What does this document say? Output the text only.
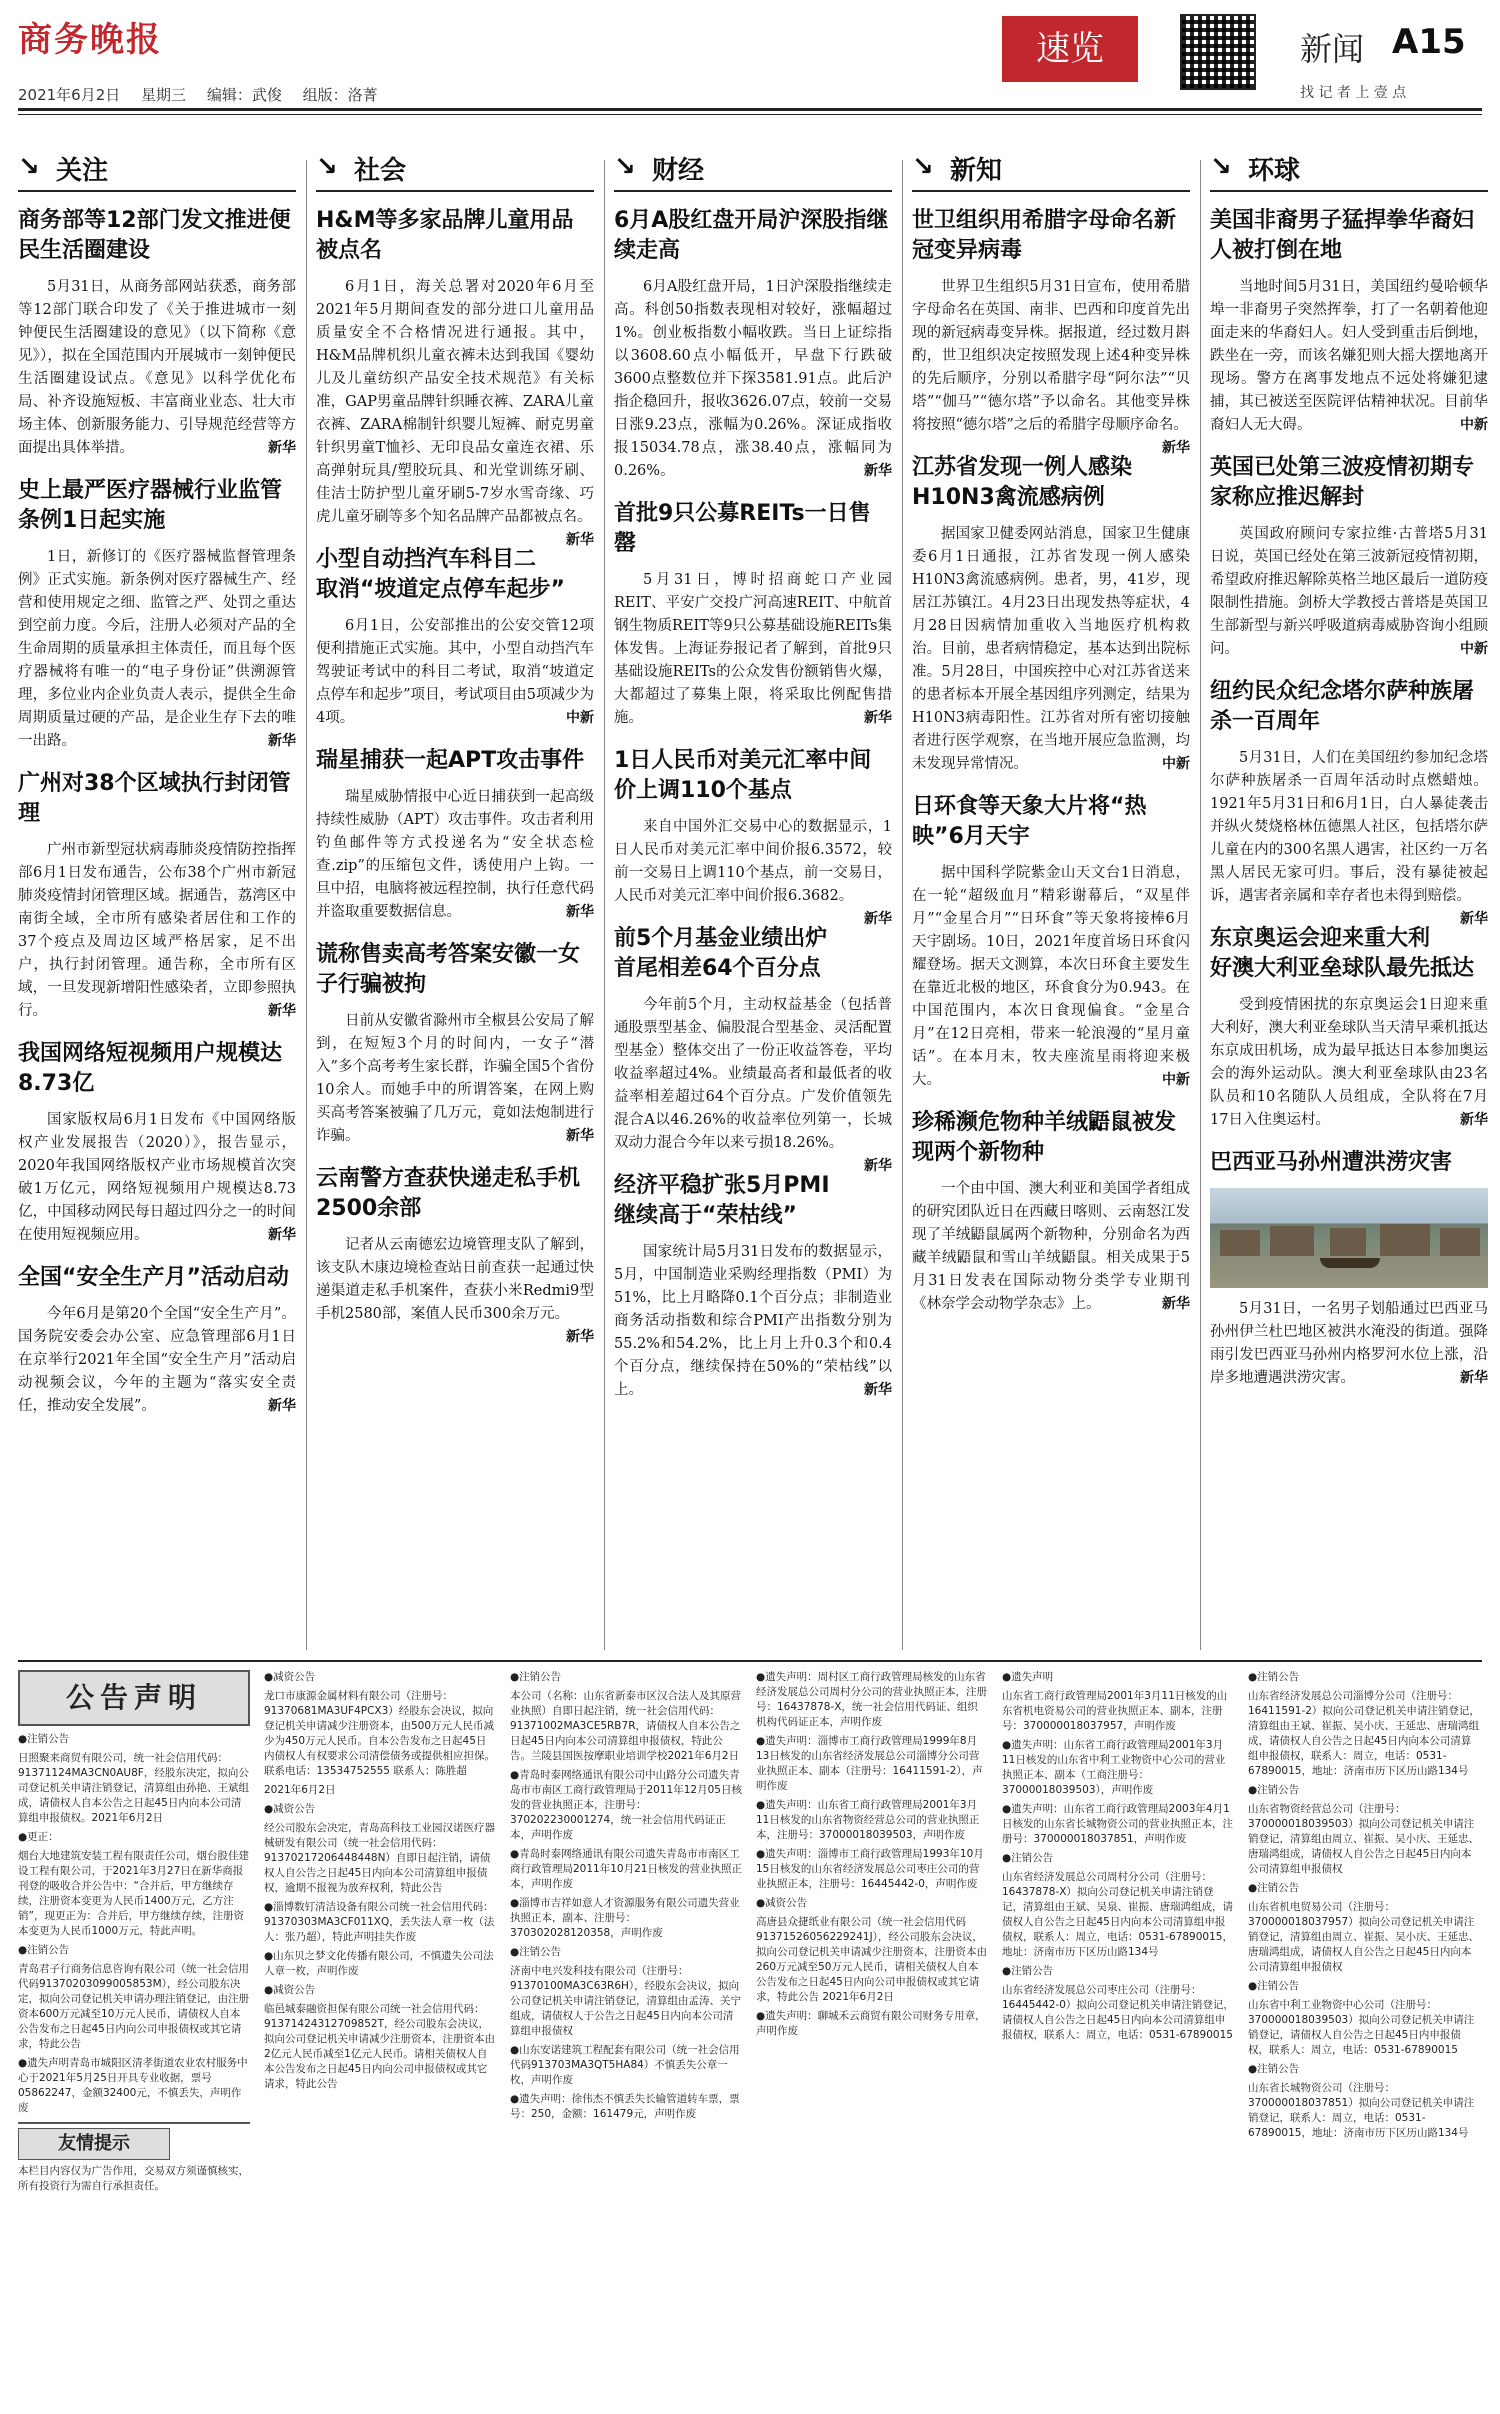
商务晚报
2021年6月2日 星期三 编辑：武俊 组版：洛菁
速览	新闻 A15
找 记 者 上 壹 点
↘ 关注
商务部等12部门发文推进便民生活圈建设

5月31日，从商务部网站获悉，商务部等12部门联合印发了《关于推进城市一刻钟便民生活圈建设的意见》（以下简称《意见》），拟在全国范围内开展城市一刻钟便民生活圈建设试点。《意见》以科学优化布局、补齐设施短板、丰富商业业态、壮大市场主体、创新服务能力、引导规范经营等方面提出具体举措。	新华

史上最严医疗器械行业监管条例1日起实施

1日，新修订的《医疗器械监督管理条例》正式实施。新条例对医疗器械生产、经营和使用规定之细、监管之严、处罚之重达到空前力度。今后，注册人必须对产品的全生命周期的质量承担主体责任，而且每个医疗器械将有唯一的“电子身份证”供溯源管理，多位业内企业负责人表示，提供全生命周期质量过硬的产品，是企业生存下去的唯一出路。	新华

广州对38个区域执行封闭管理

广州市新型冠状病毒肺炎疫情防控指挥部6月1日发布通告，公布38个广州市新冠肺炎疫情封闭管理区域。据通告，荔湾区中南街全域，全市所有感染者居住和工作的37个疫点及周边区域严格居家，足不出户，执行封闭管理。通告称，全市所有区域，一旦发现新增阳性感染者，立即参照执行。	新华

我国网络短视频用户规模达8.73亿

国家版权局6月1日发布《中国网络版权产业发展报告（2020）》，报告显示，2020年我国网络版权产业市场规模首次突破1万亿元，网络短视频用户规模达8.73亿，中国移动网民每日超过四分之一的时间在使用短视频应用。	新华

全国“安全生产月”活动启动

今年6月是第20个全国“安全生产月”。国务院安委会办公室、应急管理部6月1日在京举行2021年全国“安全生产月”活动启动视频会议，今年的主题为“落实安全责任，推动安全发展”。	新华

↘ 社会
H&M等多家品牌儿童用品被点名

6月1日，海关总署对2020年6月至2021年5月期间查发的部分进口儿童用品质量安全不合格情况进行通报。其中，H&M品牌机织儿童衣裤未达到我国《婴幼儿及儿童纺织产品安全技术规范》有关标准，GAP男童品牌针织睡衣裤、ZARA儿童衣裤、ZARA棉制针织婴儿短裤、耐克男童针织男童T恤衫、无印良品女童连衣裙、乐高弹射玩具/塑胶玩具、和光堂训练牙刷、佳洁士防护型儿童牙刷5-7岁水雪奇缘、巧虎儿童牙刷等多个知名品牌产品都被点名。
新华

小型自动挡汽车科目二取消“坡道定点停车起步”

6月1日，公安部推出的公安交管12项便利措施正式实施。其中，小型自动挡汽车驾驶证考试中的科目二考试，取消“坡道定点停车和起步”项目，考试项目由5项减少为4项。	中新

瑞星捕获一起APT攻击事件

瑞星威胁情报中心近日捕获到一起高级持续性威胁（APT）攻击事件。攻击者利用钓鱼邮件等方式投递名为“安全状态检查.zip”的压缩包文件，诱使用户上钩。一旦中招，电脑将被远程控制，执行任意代码并盗取重要数据信息。	新华

谎称售卖高考答案安徽一女子行骗被拘

日前从安徽省滁州市全椒县公安局了解到，在短短3个月的时间内，一女子“潜入”多个高考考生家长群，诈骗全国5个省份10余人。而她手中的所谓答案，在网上购买高考答案被骗了几万元，竟如法炮制进行诈骗。	新华

云南警方查获快递走私手机2500余部

记者从云南德宏边境管理支队了解到，该支队木康边境检查站日前查获一起通过快递渠道走私手机案件，查获小米Redmi9型手机2580部，案值人民币300余万元。
新华

↘ 财经
6月A股红盘开局沪深股指继续走高

6月A股红盘开局，1日沪深股指继续走高。科创50指数表现相对较好，涨幅超过1%。创业板指数小幅收跌。当日上证综指以3608.60点小幅低开，早盘下行跌破3600点整数位并下探3581.91点。此后沪指企稳回升，报收3626.07点，较前一交易日涨9.23点，涨幅为0.26%。深证成指收报15034.78点，涨38.40点，涨幅同为0.26%。	新华

首批9只公募REITs一日售罄

5月31日，博时招商蛇口产业园REIT、平安广交投广河高速REIT、中航首钢生物质REIT等9只公募基础设施REITs集体发售。上海证券报记者了解到，首批9只基础设施REITs的公众发售份额销售火爆，大都超过了募集上限，将采取比例配售措施。	新华

1日人民币对美元汇率中间价上调110个基点

来自中国外汇交易中心的数据显示，1日人民币对美元汇率中间价报6.3572，较前一交易日上调110个基点，前一交易日，人民币对美元汇率中间价报6.3682。
新华

前5个月基金业绩出炉首尾相差64个百分点

今年前5个月，主动权益基金（包括普通股票型基金、偏股混合型基金、灵活配置型基金）整体交出了一份正收益答卷，平均收益率超过4%。业绩最高者和最低者的收益率相差超过64个百分点。广发价值领先混合A以46.26%的收益率位列第一，长城双动力混合今年以来亏损18.26%。
新华

经济平稳扩张5月PMI继续高于“荣枯线”

国家统计局5月31日发布的数据显示，5月，中国制造业采购经理指数（PMI）为51%，比上月略降0.1个百分点；非制造业商务活动指数和综合PMI产出指数分别为55.2%和54.2%，比上月上升0.3个和0.4个百分点，继续保持在50%的“荣枯线”以上。	新华

↘ 新知
世卫组织用希腊字母命名新冠变异病毒

世界卫生组织5月31日宣布，使用希腊字母命名在英国、南非、巴西和印度首先出现的新冠病毒变异株。据报道，经过数月斟酌，世卫组织决定按照发现上述4种变异株的先后顺序，分别以希腊字母“阿尔法”“贝塔”“伽马”“德尔塔”予以命名。其他变异株将按照“德尔塔”之后的希腊字母顺序命名。
新华

江苏省发现一例人感染H10N3禽流感病例

据国家卫健委网站消息，国家卫生健康委6月1日通报，江苏省发现一例人感染H10N3禽流感病例。患者，男，41岁，现居江苏镇江。4月23日出现发热等症状，4月28日因病情加重收入当地医疗机构救治。目前，患者病情稳定，基本达到出院标准。5月28日，中国疾控中心对江苏省送来的患者标本开展全基因组序列测定，结果为H10N3病毒阳性。江苏省对所有密切接触者进行医学观察，在当地开展应急监测，均未发现异常情况。	中新

日环食等天象大片将“热映”6月天宇

据中国科学院紫金山天文台1日消息，在一轮“超级血月”精彩谢幕后，“双星伴月”“金星合月”“日环食”等天象将接棒6月天宇剧场。10日，2021年度首场日环食闪耀登场。据天文测算，本次日环食主要发生在靠近北极的地区，环食食分为0.943。在中国范围内，本次日食现偏食。“金星合月”在12日亮相，带来一轮浪漫的“星月童话”。在本月末，牧夫座流星雨将迎来极大。	中新

珍稀濒危物种羊绒鼯鼠被发现两个新物种

一个由中国、澳大利亚和美国学者组成的研究团队近日在西藏日喀则、云南怒江发现了羊绒鼯鼠属两个新物种，分别命名为西藏羊绒鼯鼠和雪山羊绒鼯鼠。相关成果于5月31日发表在国际动物分类学专业期刊《林奈学会动物学杂志》上。	新华

↘ 环球
美国非裔男子猛捍拳华裔妇人被打倒在地

当地时间5月31日，美国纽约曼哈顿华埠一非裔男子突然挥拳，打了一名朝着他迎面走来的华裔妇人。妇人受到重击后倒地，跌坐在一旁，而该名嫌犯则大摇大摆地离开现场。警方在离事发地点不远处将嫌犯逮捕，其已被送至医院评估精神状况。目前华裔妇人无大碍。	中新

英国已处第三波疫情初期专家称应推迟解封

英国政府顾问专家拉维·古普塔5月31日说，英国已经处在第三波新冠疫情初期，希望政府推迟解除英格兰地区最后一道防疫限制性措施。剑桥大学教授古普塔是英国卫生部新型与新兴呼吸道病毒威胁咨询小组顾问。	中新

纽约民众纪念塔尔萨种族屠杀一百周年

5月31日，人们在美国纽约参加纪念塔尔萨种族屠杀一百周年活动时点燃蜡烛。1921年5月31日和6月1日，白人暴徒袭击并纵火焚烧格林伍德黑人社区，包括塔尔萨儿童在内的300名黑人遇害，社区约一万名黑人居民无家可归。事后，没有暴徒被起诉，遇害者亲属和幸存者也未得到赔偿。
新华

东京奥运会迎来重大利好澳大利亚垒球队最先抵达

受到疫情困扰的东京奥运会1日迎来重大利好，澳大利亚垒球队当天清早乘机抵达东京成田机场，成为最早抵达日本参加奥运会的海外运动队。澳大利亚垒球队由23名队员和10名随队人员组成，全队将在7月17日入住奥运村。	新华

巴西亚马孙州遭洪涝灾害

5月31日，一名男子划船通过巴西亚马孙州伊兰杜巴地区被洪水淹没的街道。强降雨引发巴西亚马孙州内格罗河水位上涨，沿岸多地遭遇洪涝灾害。	新华

公告声明

●注销公告

日照聚来商贸有限公司，统一社会信用代码：91371124MA3CN0AU8F，经股东决定，拟向公司登记机关申请注销登记，清算组由孙艳、王斌组成，请债权人自本公告之日起45日内向本公司清算组申报债权。2021年6月2日

●更正：

烟台大地建筑安装工程有限责任公司，烟台股佳建设工程有限公司，于2021年3月27日在新华商报刊登的吸收合并公告中：“合并后，甲方继续存续，注册资本变更为人民币1400万元，乙方注销”，现更正为：合并后，甲方继续存续，注册资本变更为人民币1000万元，特此声明。

●注销公告

青岛君子行商务信息咨询有限公司（统一社会信用代码91370203099005853M），经公司股东决定，拟向公司登记机关申请办理注销登记，由注册资本600万元减至10万元人民币，请债权人自本公告发布之日起45日内向公司申报债权或其它请求，特此公告

●遗失声明青岛市城阳区清孝街道农业农村服务中心于2021年5月25日开具专业收据，票号05862247，金额32400元，不慎丢失，声明作废

友情提示

本栏目内容仅为广告作用，交易双方须谨慎核实，所有投资行为需自行承担责任。

●减资公告

龙口市康源金属材料有限公司（注册号：91370681MA3UF4PCX3）经股东会决议，拟向登记机关申请减少注册资本，由500万元人民币减少为450万元人民币。自本公告发布之日起45日内债权人有权要求公司清偿债务或提供相应担保。联系电话：13534752555 联系人：陈胜超

2021年6月2日

●减资公告

经公司股东会决定，青岛高科技工业园汉诺医疗器械研发有限公司（统一社会信用代码：91370217206448448N）自即日起注销，请债权人自公告之日起45日内向本公司清算组申报债权，逾期不报视为放弃权利，特此公告

●淄博数钉清洁设备有限公司统一社会信用代码：91370303MA3CF011XQ，丢失法人章一枚（法人：张乃超），特此声明挂失作废

●山东贝之梦文化传播有限公司，不慎遗失公司法人章一枚，声明作废

●减资公告

临邑城泰融资担保有限公司统一社会信用代码：91371424312709852T，经公司股东会决议，拟向公司登记机关申请减少注册资本，注册资本由2亿元人民币减至1亿元人民币。请相关债权人自本公告发布之日起45日内向公司申报债权或其它请求，特此公告

●注销公告

本公司（名称：山东省新泰市区汉合法人及其原营业执照）自即日起注销，统一社会信用代码：91371002MA3CE5RB7R，请债权人自本公告之日起45日内向本公司清算组申报债权，特此公告。兰陵县国医按摩职业培训学校2021年6月2日

●青岛时泰网络通讯有限公司中山路分公司遗失青岛市市南区工商行政管理局于2011年12月05日核发的营业执照正本，注册号：370202230001274，统一社会信用代码证正本，声明作废

●青岛时泰网络通讯有限公司遗失青岛市市南区工商行政管理局2011年10月21日核发的营业执照正本，声明作废

●淄博市吉祥如意人才资源服务有限公司遗失营业执照正本，副本、注册号：370302028120358，声明作废

●注销公告

济南中电兴发科技有限公司（注册号：91370100MA3C63R6H），经股东会决议，拟向公司登记机关申请注销登记，清算组由孟涛、关宁组成，请债权人于公告之日起45日内向本公司清算组申报债权

●山东安诺建筑工程配套有限公司（统一社会信用代码913703MA3QT5HA84）不慎丢失公章一枚，声明作废

●遗失声明：徐伟杰不慎丢失长输管道转车票，票号：250，金额：161479元，声明作废

●遗失声明：周村区工商行政管理局核发的山东省经济发展总公司周村分公司的营业执照正本，注册号：16437878-X，统一社会信用代码证、组织机构代码证正本，声明作废

●遗失声明：淄博市工商行政管理局1999年8月13日核发的山东省经济发展总公司淄博分公司营业执照正本、副本（注册号：16411591-2），声明作废

●遗失声明：山东省工商行政管理局2001年3月11日核发的山东省物资经营总公司的营业执照正本，注册号：37000018039503，声明作废

●遗失声明：淄博市工商行政管理局1993年10月15日核发的山东省经济发展总公司枣庄公司的营业执照正本，注册号：16445442-0，声明作废

●减资公告

高唐县众捷纸业有限公司（统一社会信用代码91371526056229241J），经公司股东会决议，拟向公司登记机关申请减少注册资本，注册资本由260万元减至50万元人民币，请相关债权人自本公告发布之日起45日内向公司申报债权或其它请求，特此公告 2021年6月2日

●遗失声明：聊城禾云商贸有限公司财务专用章，声明作废

●遗失声明

山东省工商行政管理局2001年3月11日核发的山东省机电资易公司的营业执照正本、副本，注册号：370000018037957，声明作废

●遗失声明：山东省工商行政管理局2001年3月11日核发的山东省中利工业物资中心公司的营业执照正本、副本（工商注册号：37000018039503），声明作废

●遗失声明：山东省工商行政管理局2003年4月1日核发的山东省长城物资公司的营业执照正本，注册号：370000018037851，声明作废

●注销公告

山东省经济发展总公司周村分公司（注册号：16437878-X）拟向公司登记机关申请注销登记，清算组由王斌、吴泉、崔振、唐瑞鸿组成，请债权人自公告之日起45日内向本公司清算组申报债权，联系人：周立，电话：0531-67890015，地址：济南市历下区历山路134号

●注销公告

山东省经济发展总公司枣庄公司（注册号：16445442-0）拟向公司登记机关申请注销登记，请债权人自公告之日起45日内向本公司清算组申报债权，联系人：周立，电话：0531-67890015

●注销公告

山东省经济发展总公司淄博分公司（注册号：16411591-2）拟向公司登记机关申请注销登记，清算组由王斌、崔振、吴小庆、王延忠、唐瑞鸿组成，请债权人自公告之日起45日内向本公司清算组申报债权，联系人：周立，电话：0531-67890015，地址：济南市历下区历山路134号

●注销公告

山东省物资经营总公司（注册号：370000018039503）拟向公司登记机关申请注销登记，清算组由周立、崔振、吴小庆、王延忠、唐瑞鸿组成，请债权人自公告之日起45日内向本公司清算组申报债权

●注销公告

山东省机电贸易公司（注册号：370000018037957）拟向公司登记机关申请注销登记，清算组由周立、崔振、吴小庆、王延忠、唐瑞鸿组成，请债权人自公告之日起45日内向本公司清算组申报债权

●注销公告

山东省中利工业物资中心公司（注册号：370000018039503）拟向公司登记机关申请注销登记，请债权人自公告之日起45日内申报债权，联系人：周立，电话：0531-67890015

●注销公告

山东省长城物资公司（注册号：370000018037851）拟向公司登记机关申请注销登记，联系人：周立，电话：0531-67890015，地址：济南市历下区历山路134号
